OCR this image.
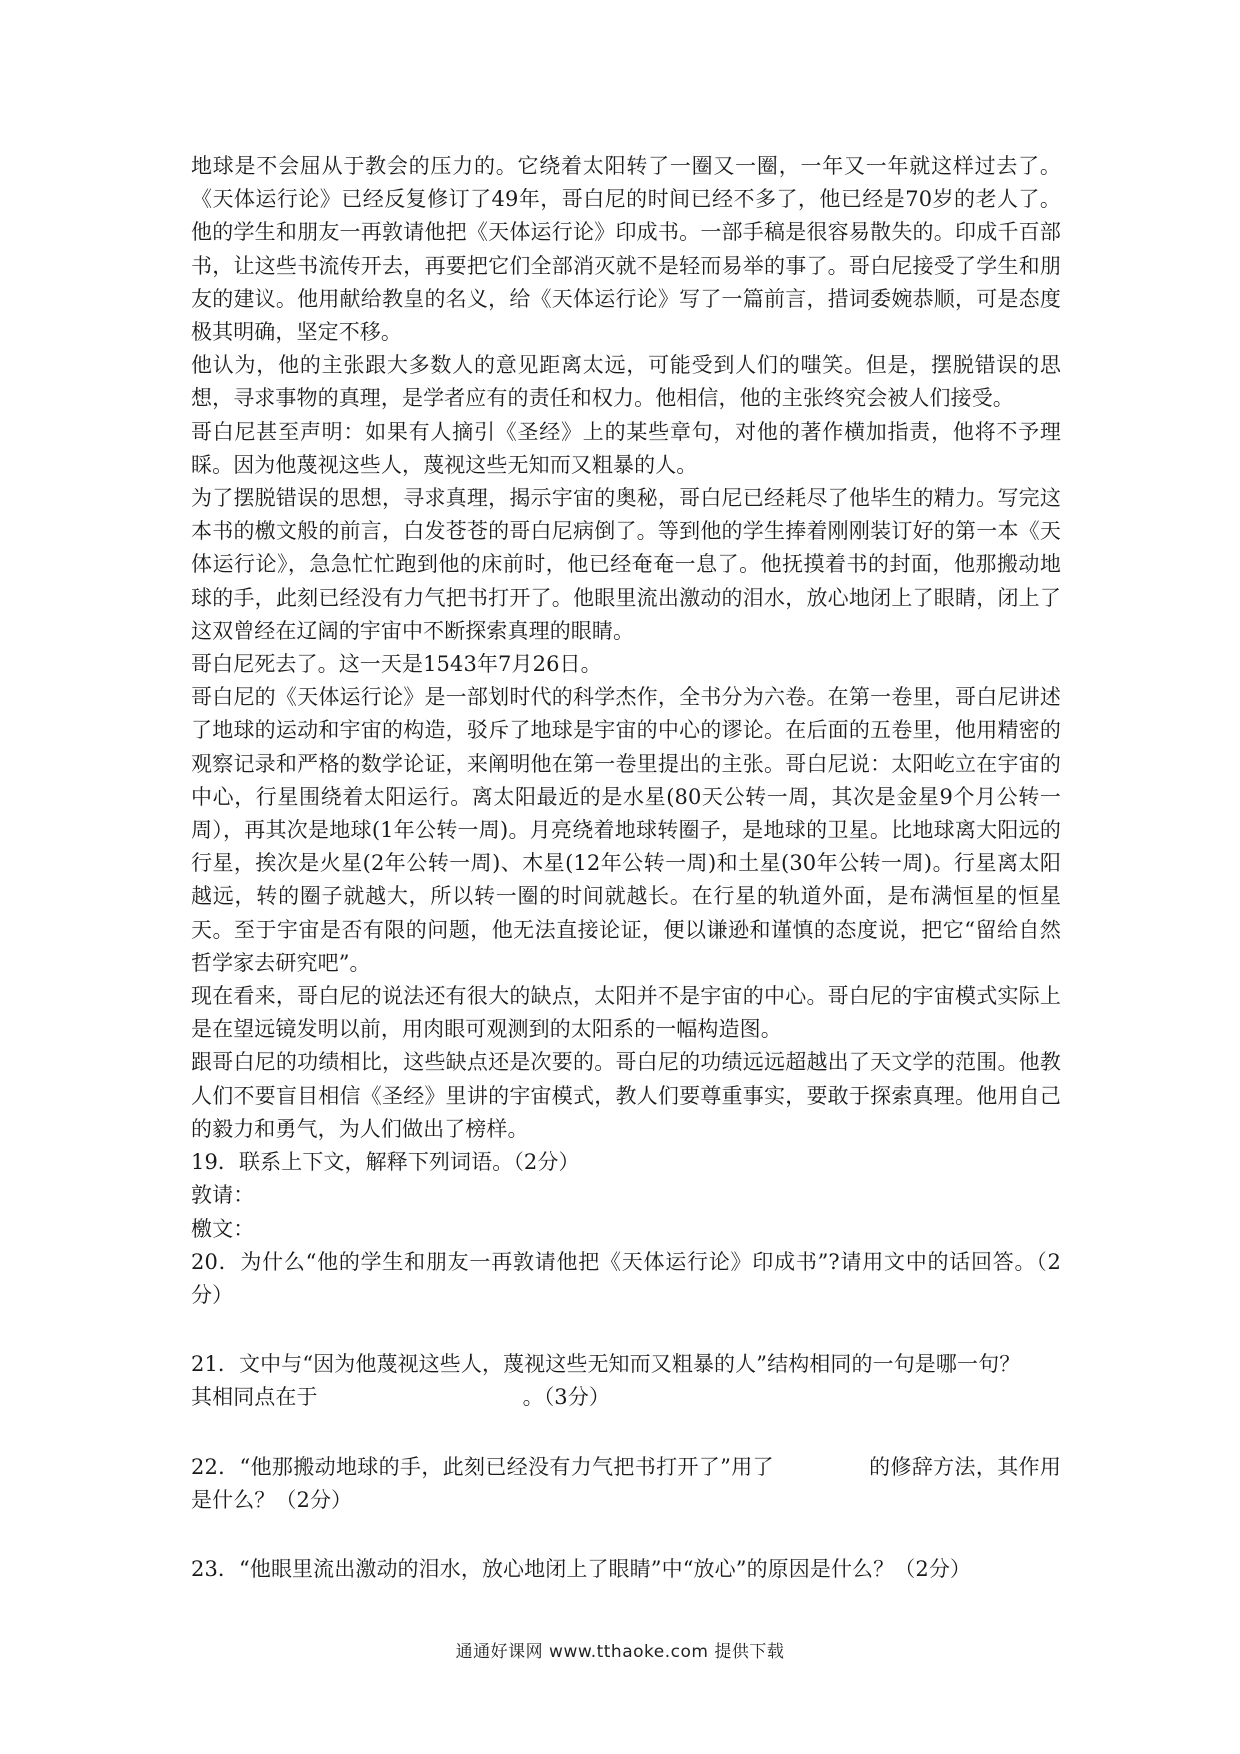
地球是不会屈从于教会的压力的。它绕着太阳转了一圈又一圈，一年又一年就这样过去了。《天体运行论》已经反复修订了49年，哥白尼的时间已经不多了，他已经是70岁的老人了。他的学生和朋友一再敦请他把《天体运行论》印成书。一部手稿是很容易散失的。印成千百部书，让这些书流传开去，再要把它们全部消灭就不是轻而易举的事了。哥白尼接受了学生和朋友的建议。他用献给教皇的名义，给《天体运行论》写了一篇前言，措词委婉恭顺，可是态度极其明确，坚定不移。

他认为，他的主张跟大多数人的意见距离太远，可能受到人们的嗤笑。但是，摆脱错误的思想，寻求事物的真理，是学者应有的责任和权力。他相信，他的主张终究会被人们接受。

哥白尼甚至声明：如果有人摘引《圣经》上的某些章句，对他的著作横加指责，他将不予理睬。因为他蔑视这些人，蔑视这些无知而又粗暴的人。

为了摆脱错误的思想，寻求真理，揭示宇宙的奥秘，哥白尼已经耗尽了他毕生的精力。写完这本书的檄文般的前言，白发苍苍的哥白尼病倒了。等到他的学生捧着刚刚装订好的第一本《天体运行论》，急急忙忙跑到他的床前时，他已经奄奄一息了。他抚摸着书的封面，他那搬动地球的手，此刻已经没有力气把书打开了。他眼里流出激动的泪水，放心地闭上了眼睛，闭上了这双曾经在辽阔的宇宙中不断探索真理的眼睛。

哥白尼死去了。这一天是1543年7月26日。

哥白尼的《天体运行论》是一部划时代的科学杰作，全书分为六卷。在第一卷里，哥白尼讲述了地球的运动和宇宙的构造，驳斥了地球是宇宙的中心的谬论。在后面的五卷里，他用精密的观察记录和严格的数学论证，来阐明他在第一卷里提出的主张。哥白尼说：太阳屹立在宇宙的中心，行星围绕着太阳运行。离太阳最近的是水星(80天公转一周，其次是金星9个月公转一周），再其次是地球(1年公转一周)。月亮绕着地球转圈子，是地球的卫星。比地球离大阳远的行星，挨次是火星(2年公转一周)、木星(12年公转一周)和土星(30年公转一周)。行星离太阳越远，转的圈子就越大，所以转一圈的时间就越长。在行星的轨道外面，是布满恒星的恒星天。至于宇宙是否有限的问题，他无法直接论证，便以谦逊和谨慎的态度说，把它“留给自然哲学家去研究吧”。

现在看来，哥白尼的说法还有很大的缺点，太阳并不是宇宙的中心。哥白尼的宇宙模式实际上是在望远镜发明以前，用肉眼可观测到的太阳系的一幅构造图。

跟哥白尼的功绩相比，这些缺点还是次要的。哥白尼的功绩远远超越出了天文学的范围。他教人们不要盲目相信《圣经》里讲的宇宙模式，教人们要尊重事实，要敢于探索真理。他用自己的毅力和勇气，为人们做出了榜样。

19．联系上下文，解释下列词语。（2分）

敦请：

檄文：

20．为什么“他的学生和朋友一再敦请他把《天体运行论》印成书”?请用文中的话回答。（2分）

21．文中与“因为他蔑视这些人，蔑视这些无知而又粗暴的人”结构相同的一句是哪一句？

其相同点在于	。（3分）

22．“他那搬动地球的手，此刻已经没有力气把书打开了”用了	的修辞方法，其作用是什么？（2分）

23．“他眼里流出激动的泪水，放心地闭上了眼睛”中“放心”的原因是什么？（2分）

通通好课网 www.tthaoke.com 提供下载
